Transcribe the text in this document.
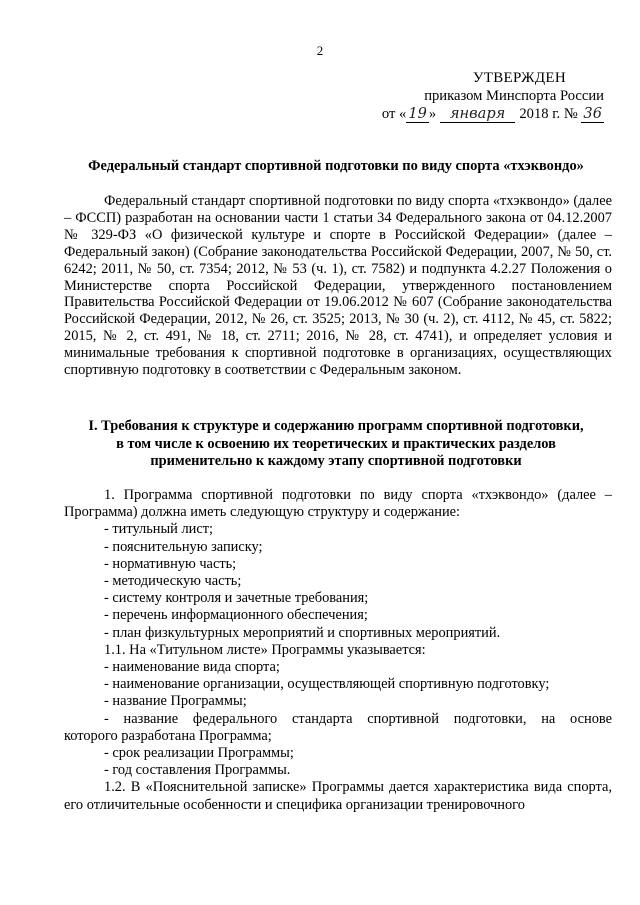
2
УТВЕРЖДЕН
приказом Минспорта России
от « 19 » января 2018 г. № 36
Федеральный стандарт спортивной подготовки по виду спорта «тхэквондо»

Федеральный стандарт спортивной подготовки по виду спорта «тхэквондо» (далее – ФССП) разработан на основании части 1 статьи 34 Федерального закона от 04.12.2007 № 329-ФЗ «О физической культуре и спорте в Российской Федерации» (далее – Федеральный закон) (Собрание законодательства Российской Федерации, 2007, № 50, ст. 6242; 2011, № 50, ст. 7354; 2012, № 53 (ч. 1), ст. 7582) и подпункта 4.2.27 Положения о Министерстве спорта Российской Федерации, утвержденного постановлением Правительства Российской Федерации от 19.06.2012 № 607 (Собрание законодательства Российской Федерации, 2012, № 26, ст. 3525; 2013, № 30 (ч. 2), ст. 4112, № 45, ст. 5822; 2015, № 2, ст. 491, № 18, ст. 2711; 2016, № 28, ст. 4741), и определяет условия и минимальные требования к спортивной подготовке в организациях, осуществляющих спортивную подготовку в соответствии с Федеральным законом.

I. Требования к структуре и содержанию программ спортивной подготовки,
в том числе к освоению их теоретических и практических разделов
применительно к каждому этапу спортивной подготовки

1. Программа спортивной подготовки по виду спорта «тхэквондо» (далее – Программа) должна иметь следующую структуру и содержание:

- титульный лист;

- пояснительную записку;

- нормативную часть;

- методическую часть;

- систему контроля и зачетные требования;

- перечень информационного обеспечения;

- план физкультурных мероприятий и спортивных мероприятий.

1.1. На «Титульном листе» Программы указывается:

- наименование вида спорта;

- наименование организации, осуществляющей спортивную подготовку;

- название Программы;

- название федерального стандарта спортивной подготовки, на основе

которого разработана Программа;

- срок реализации Программы;

- год составления Программы.

1.2. В «Пояснительной записке» Программы дается характеристика вида спорта, его отличительные особенности и специфика организации тренировочного
